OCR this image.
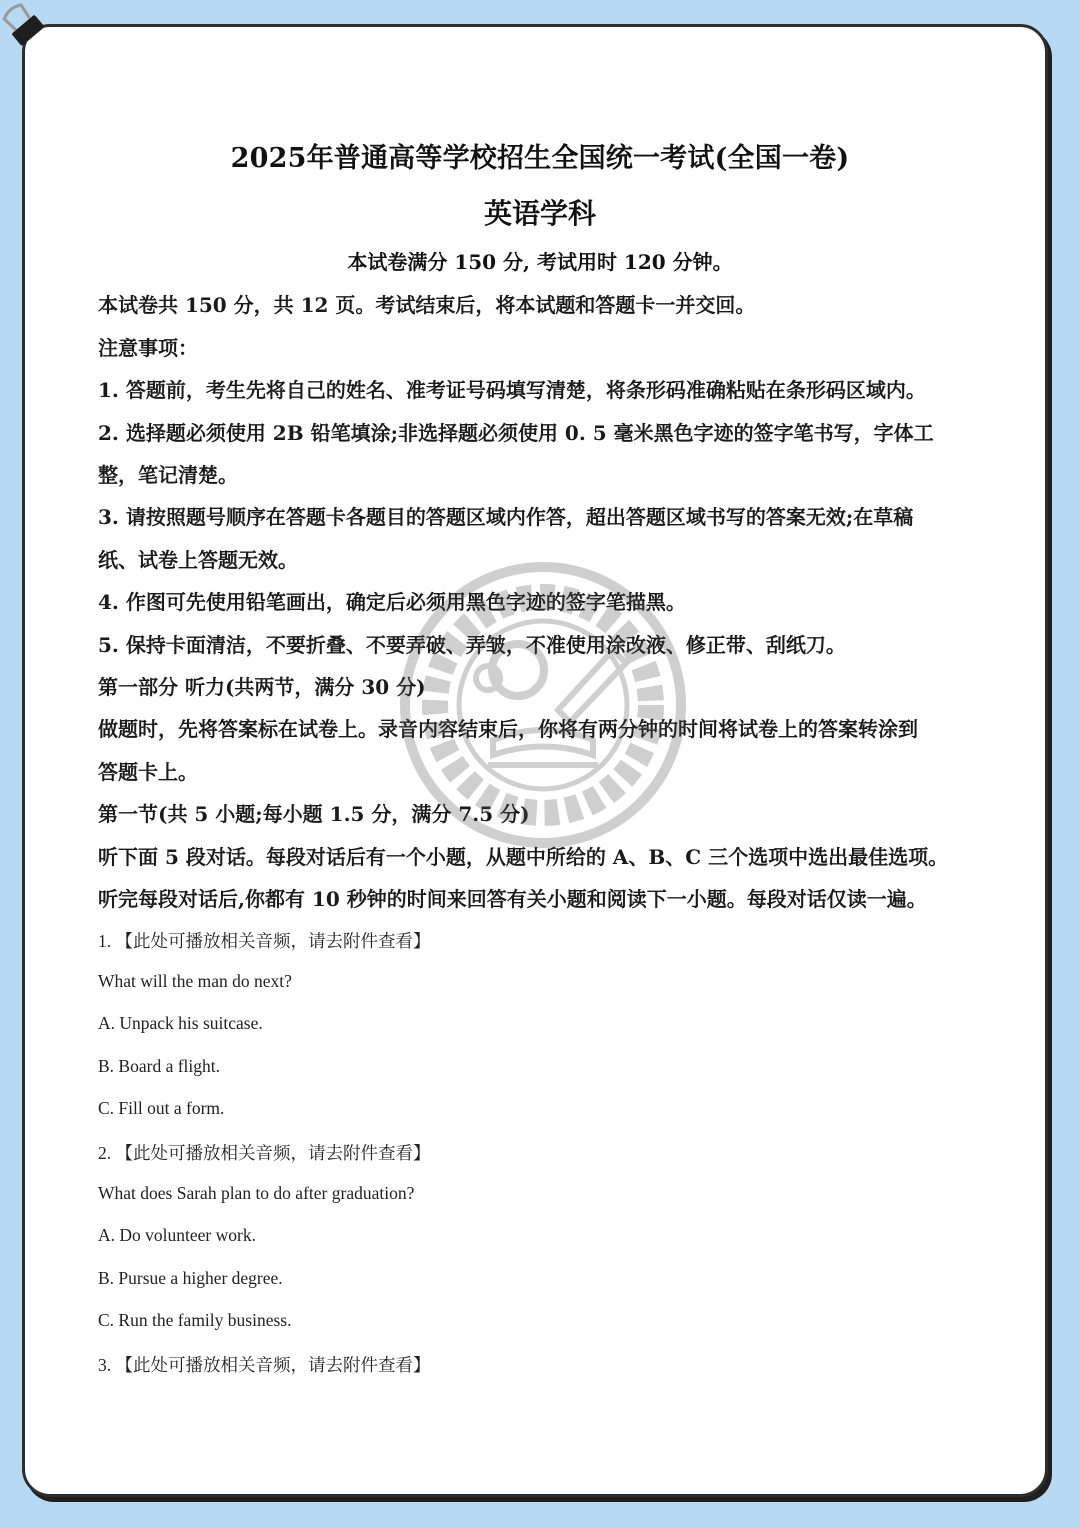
2025年普通高等学校招生全国统一考试(全国一卷)
英语学科
本试卷满分 150 分, 考试用时 120 分钟。
本试卷共 150 分，共 12 页。考试结束后，将本试题和答题卡一并交回。
注意事项：
1. 答题前，考生先将自己的姓名、准考证号码填写清楚，将条形码准确粘贴在条形码区域内。
2. 选择题必须使用 2B 铅笔填涂;非选择题必须使用 0. 5 毫米黑色字迹的签字笔书写，字体工
整，笔记清楚。
3. 请按照题号顺序在答题卡各题目的答题区域内作答，超出答题区域书写的答案无效;在草稿
纸、试卷上答题无效。
4. 作图可先使用铅笔画出，确定后必须用黑色字迹的签字笔描黑。
5. 保持卡面清洁，不要折叠、不要弄破、弄皱，不准使用涂改液、修正带、刮纸刀。
第一部分 听力(共两节，满分 30 分)
做题时，先将答案标在试卷上。录音内容结束后，你将有两分钟的时间将试卷上的答案转涂到
答题卡上。
第一节(共 5 小题;每小题 1.5 分，满分 7.5 分)
听下面 5 段对话。每段对话后有一个小题，从题中所给的 A、B、C 三个选项中选出最佳选项。
听完每段对话后,你都有 10 秒钟的时间来回答有关小题和阅读下一小题。每段对话仅读一遍。
1. 【此处可播放相关音频，请去附件查看】
What will the man do next?
A. Unpack his suitcase.
B. Board a flight.
C. Fill out a form.
2. 【此处可播放相关音频，请去附件查看】
What does Sarah plan to do after graduation?
A. Do volunteer work.
B. Pursue a higher degree.
C. Run the family business.
3. 【此处可播放相关音频，请去附件查看】
